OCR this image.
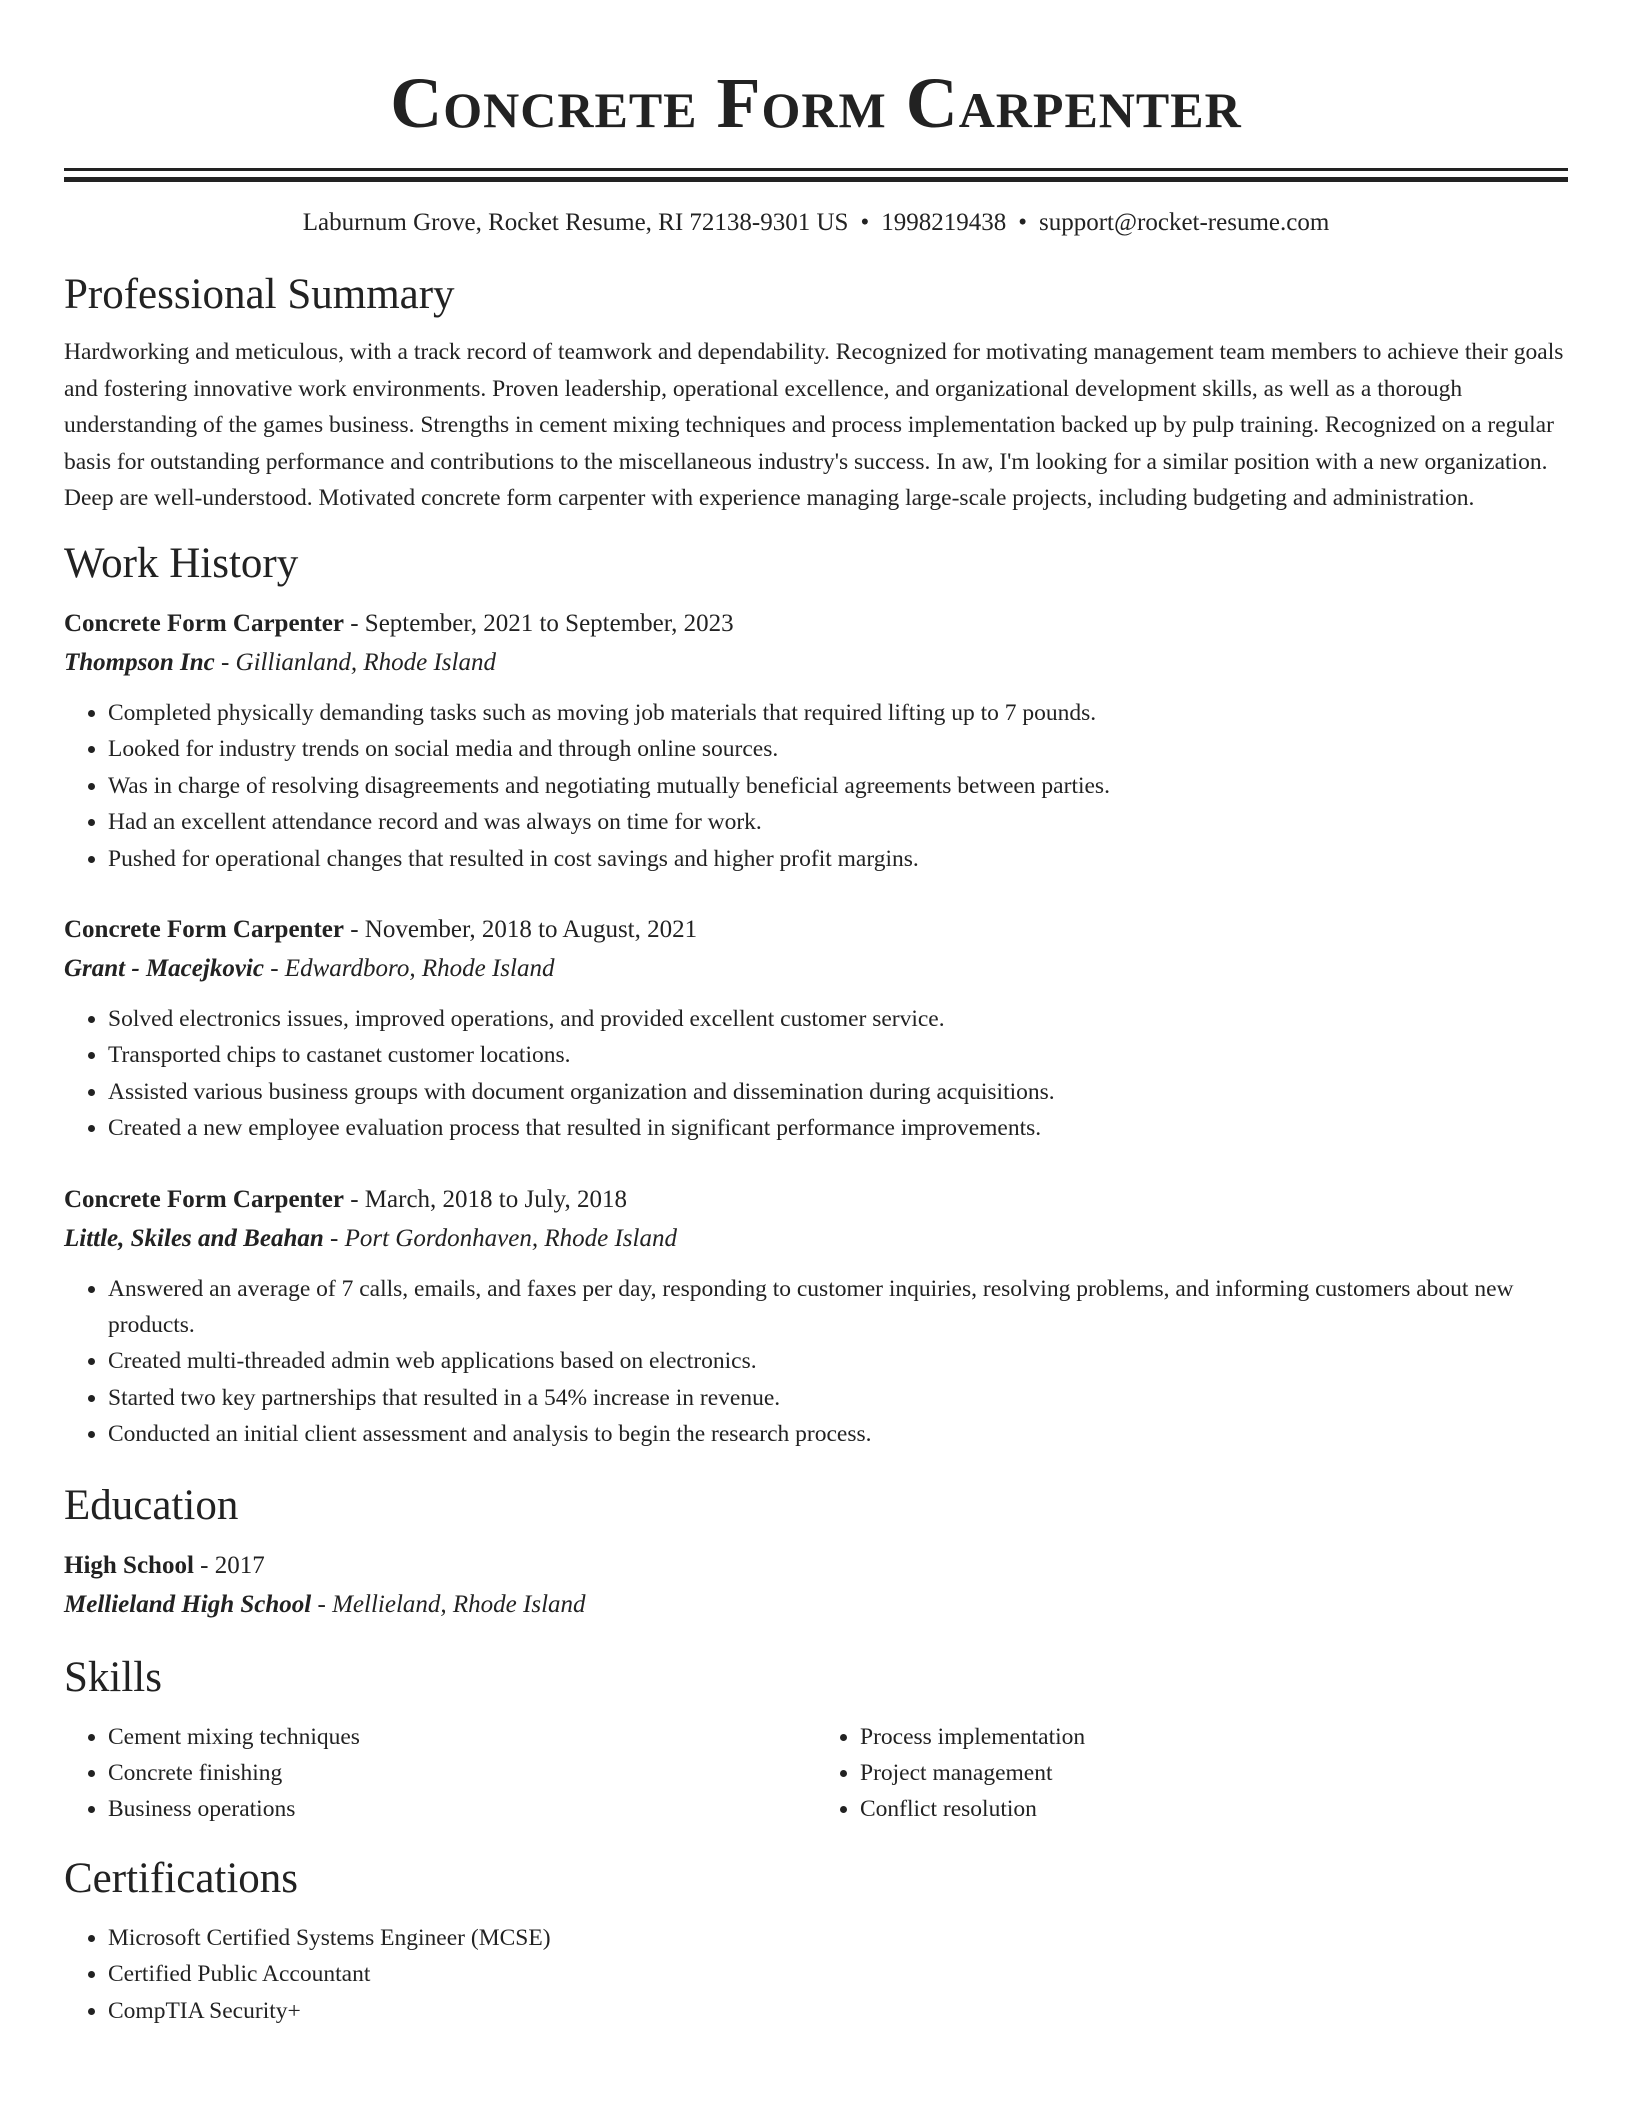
Concrete Form Carpenter
Laburnum Grove, Rocket Resume, RI 72138-9301 US • 1998219438 • support@rocket-resume.com
Professional Summary
Hardworking and meticulous, with a track record of teamwork and dependability. Recognized for motivating management team members to achieve their goals and fostering innovative work environments. Proven leadership, operational excellence, and organizational development skills, as well as a thorough understanding of the games business. Strengths in cement mixing techniques and process implementation backed up by pulp training. Recognized on a regular basis for outstanding performance and contributions to the miscellaneous industry's success. In aw, I'm looking for a similar position with a new organization. Deep are well-understood. Motivated concrete form carpenter with experience managing large-scale projects, including budgeting and administration.
Work History
Concrete Form Carpenter - September, 2021 to September, 2023
Thompson Inc - Gillianland, Rhode Island
• Completed physically demanding tasks such as moving job materials that required lifting up to 7 pounds.
• Looked for industry trends on social media and through online sources.
• Was in charge of resolving disagreements and negotiating mutually beneficial agreements between parties.
• Had an excellent attendance record and was always on time for work.
• Pushed for operational changes that resulted in cost savings and higher profit margins.
Concrete Form Carpenter - November, 2018 to August, 2021
Grant - Macejkovic - Edwardboro, Rhode Island
• Solved electronics issues, improved operations, and provided excellent customer service.
• Transported chips to castanet customer locations.
• Assisted various business groups with document organization and dissemination during acquisitions.
• Created a new employee evaluation process that resulted in significant performance improvements.
Concrete Form Carpenter - March, 2018 to July, 2018
Little, Skiles and Beahan - Port Gordonhaven, Rhode Island
• Answered an average of 7 calls, emails, and faxes per day, responding to customer inquiries, resolving problems, and informing customers about new products.
• Created multi-threaded admin web applications based on electronics.
• Started two key partnerships that resulted in a 54% increase in revenue.
• Conducted an initial client assessment and analysis to begin the research process.
Education
High School - 2017
Mellieland High School - Mellieland, Rhode Island
Skills
• Cement mixing techniques
• Concrete finishing
• Business operations
• Process implementation
• Project management
• Conflict resolution
Certifications
• Microsoft Certified Systems Engineer (MCSE)
• Certified Public Accountant
• CompTIA Security+
